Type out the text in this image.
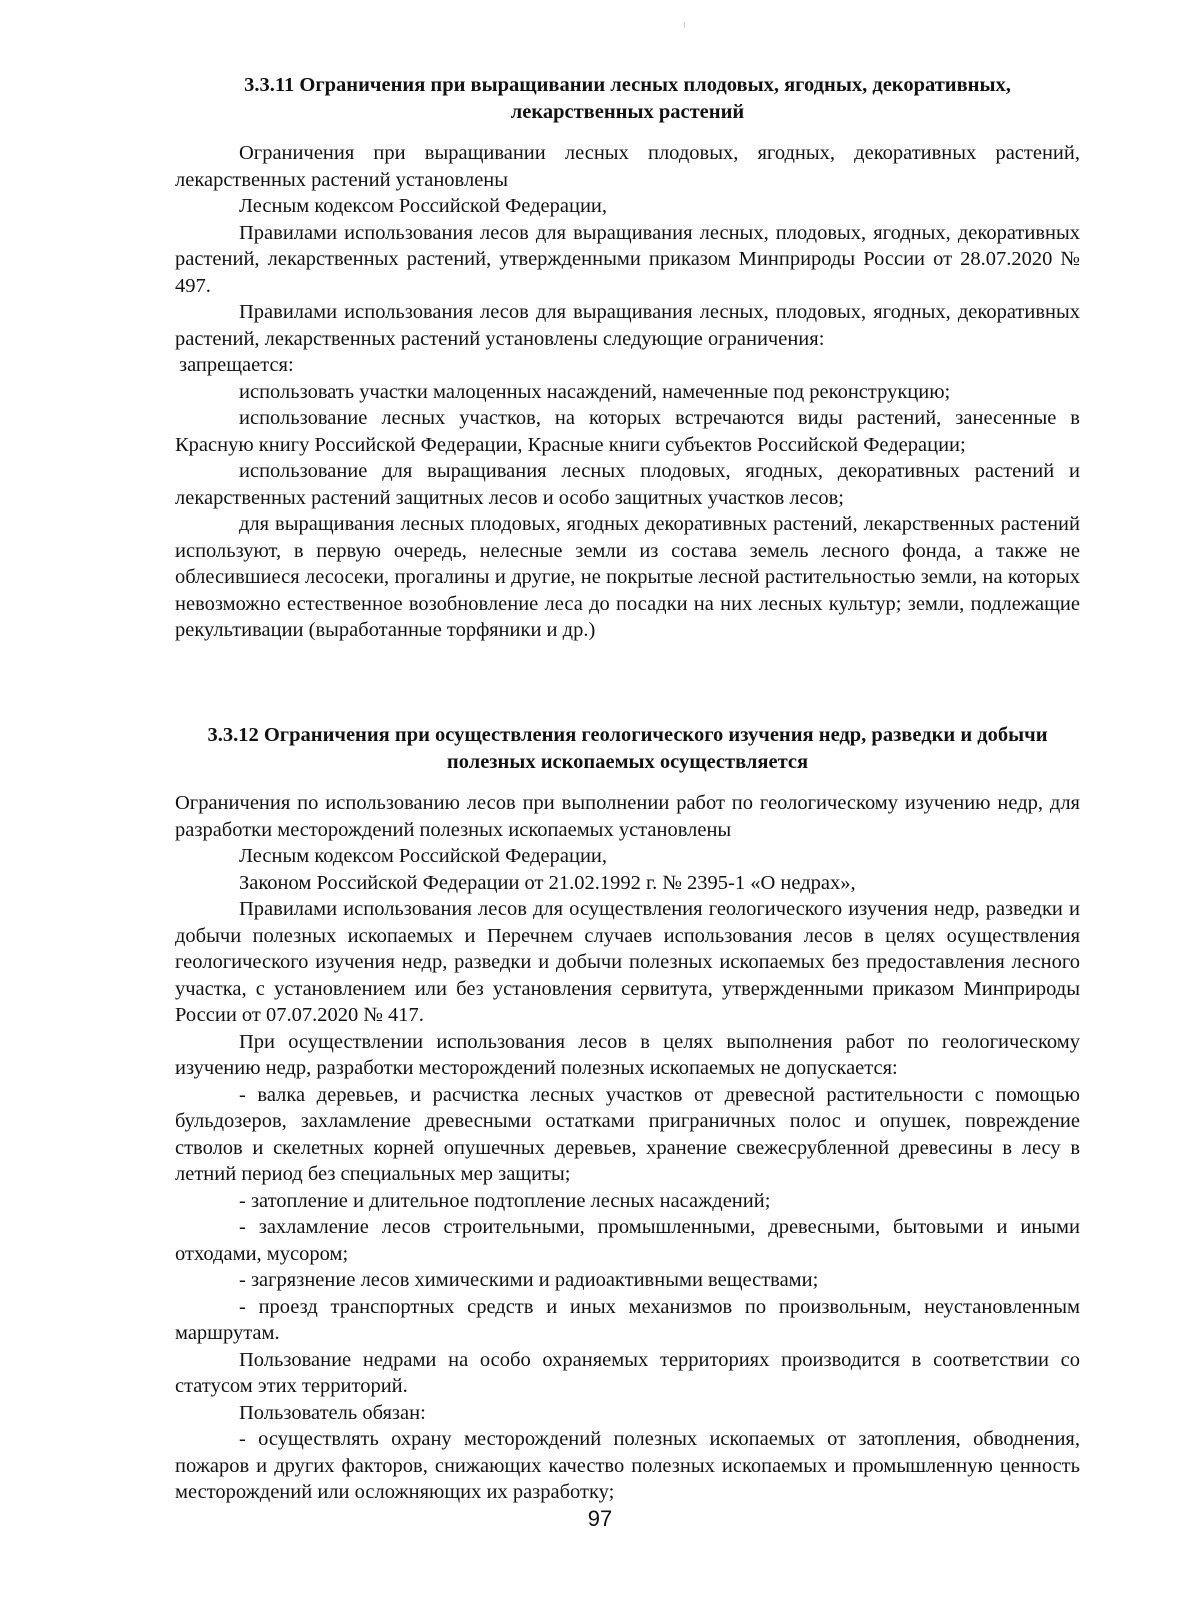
3.3.11 Ограничения при выращивании лесных плодовых, ягодных, декоративных, лекарственных растений

Ограничения при выращивании лесных плодовых, ягодных, декоративных растений, лекарственных растений установлены

Лесным кодексом Российской Федерации,

Правилами использования лесов для выращивания лесных, плодовых, ягодных, декоративных растений, лекарственных растений, утвержденными приказом Минприроды России от 28.07.2020 № 497.

Правилами использования лесов для выращивания лесных, плодовых, ягодных, декоративных растений, лекарственных растений установлены следующие ограничения:

запрещается:

использовать участки малоценных насаждений, намеченные под реконструкцию;

использование лесных участков, на которых встречаются виды растений, занесенные в Красную книгу Российской Федерации, Красные книги субъектов Российской Федерации;

использование для выращивания лесных плодовых, ягодных, декоративных растений и лекарственных растений защитных лесов и особо защитных участков лесов;

для выращивания лесных плодовых, ягодных декоративных растений, лекарственных растений используют, в первую очередь, нелесные земли из состава земель лесного фонда, а также не облесившиеся лесосеки, прогалины и другие, не покрытые лесной растительностью земли, на которых невозможно естественное возобновление леса до посадки на них лесных культур; земли, подлежащие рекультивации (выработанные торфяники и др.)

3.3.12 Ограничения при осуществления геологического изучения недр, разведки и добычи полезных ископаемых осуществляется

Ограничения по использованию лесов при выполнении работ по геологическому изучению недр, для разработки месторождений полезных ископаемых установлены

Лесным кодексом Российской Федерации,

Законом Российской Федерации от 21.02.1992 г. № 2395-1 «О недрах»,

Правилами использования лесов для осуществления геологического изучения недр, разведки и добычи полезных ископаемых и Перечнем случаев использования лесов в целях осуществления геологического изучения недр, разведки и добычи полезных ископаемых без предоставления лесного участка, с установлением или без установления сервитута, утвержденными приказом Минприроды России от 07.07.2020 № 417.

При осуществлении использования лесов в целях выполнения работ по геологическому изучению недр, разработки месторождений полезных ископаемых не допускается:

- валка деревьев, и расчистка лесных участков от древесной растительности с помощью бульдозеров, захламление древесными остатками приграничных полос и опушек, повреждение стволов и скелетных корней опушечных деревьев, хранение свежесрубленной древесины в лесу в летний период без специальных мер защиты;

- затопление и длительное подтопление лесных насаждений;

- захламление лесов строительными, промышленными, древесными, бытовыми и иными отходами, мусором;

- загрязнение лесов химическими и радиоактивными веществами;

- проезд транспортных средств и иных механизмов по произвольным, неустановленным маршрутам.

Пользование недрами на особо охраняемых территориях производится в соответствии со статусом этих территорий.

Пользователь обязан:

- осуществлять охрану месторождений полезных ископаемых от затопления, обводнения, пожаров и других факторов, снижающих качество полезных ископаемых и промышленную ценность месторождений или осложняющих их разработку;

97
